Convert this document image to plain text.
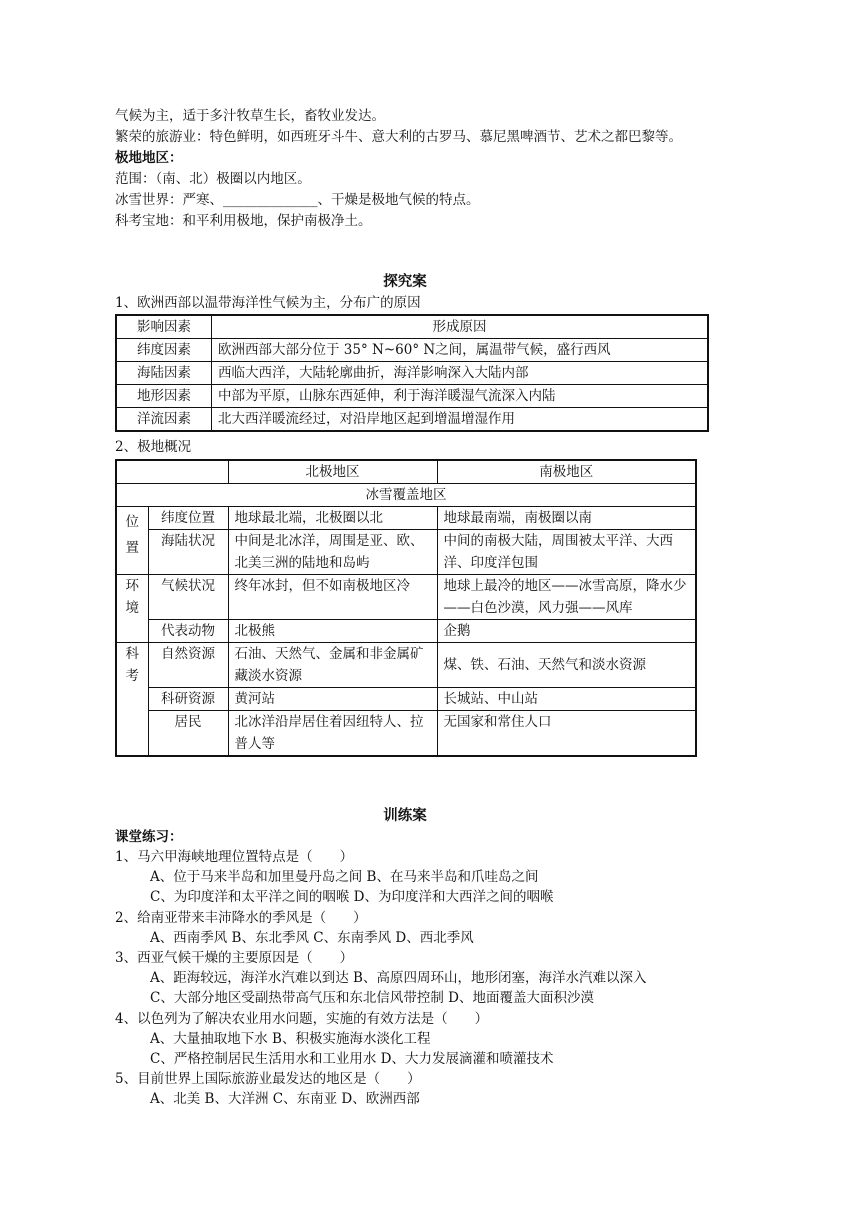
气候为主，适于多汁牧草生长，畜牧业发达。
繁荣的旅游业：特色鲜明，如西班牙斗牛、意大利的古罗马、慕尼黑啤酒节、艺术之都巴黎等。
极地地区：
范围：（南、北）极圈以内地区。
冰雪世界：严寒、______________、干燥是极地气候的特点。
科考宝地：和平利用极地，保护南极净土。
探究案
1、欧洲西部以温带海洋性气候为主，分布广的原因
影响因素	形成原因
纬度因素	欧洲西部大部分位于 35° N~60° N之间，属温带气候，盛行西风
海陆因素	西临大西洋，大陆轮廓曲折，海洋影响深入大陆内部
地形因素	中部为平原，山脉东西延伸，利于海洋暖湿气流深入内陆
洋流因素	北大西洋暖流经过，对沿岸地区起到增温增湿作用
2、极地概况
		北极地区	南极地区
冰雪覆盖地区			
位置	纬度位置	地球最北端，北极圈以北	地球最南端，南极圈以南
	海陆状况	中间是北冰洋，周围是亚、欧、北美三洲的陆地和岛屿	中间的南极大陆，周围被太平洋、大西洋、印度洋包围
环境	气候状况	终年冰封，但不如南极地区冷	地球上最冷的地区——冰雪高原，降水少——白色沙漠，风力强——风库
	代表动物	北极熊	企鹅
科考	自然资源	石油、天然气、金属和非金属矿藏淡水资源	煤、铁、石油、天然气和淡水资源
	科研资源	黄河站	长城站、中山站
	居民	北冰洋沿岸居住着因纽特人、拉普人等	无国家和常住人口
训练案
课堂练习：
1、马六甲海峡地理位置特点是（　　）
A、位于马来半岛和加里曼丹岛之间 B、在马来半岛和爪哇岛之间
C、为印度洋和太平洋之间的咽喉 D、为印度洋和大西洋之间的咽喉
2、给南亚带来丰沛降水的季风是（　　）
A、西南季风 B、东北季风 C、东南季风 D、西北季风
3、西亚气候干燥的主要原因是（　　）
A、距海较远，海洋水汽难以到达 B、高原四周环山，地形闭塞，海洋水汽难以深入
C、大部分地区受副热带高气压和东北信风带控制 D、地面覆盖大面积沙漠
4、以色列为了解决农业用水问题，实施的有效方法是（　　）
A、大量抽取地下水 B、积极实施海水淡化工程
C、严格控制居民生活用水和工业用水 D、大力发展滴灌和喷灌技术
5、目前世界上国际旅游业最发达的地区是（　　）
A、北美 B、大洋洲 C、东南亚 D、欧洲西部
